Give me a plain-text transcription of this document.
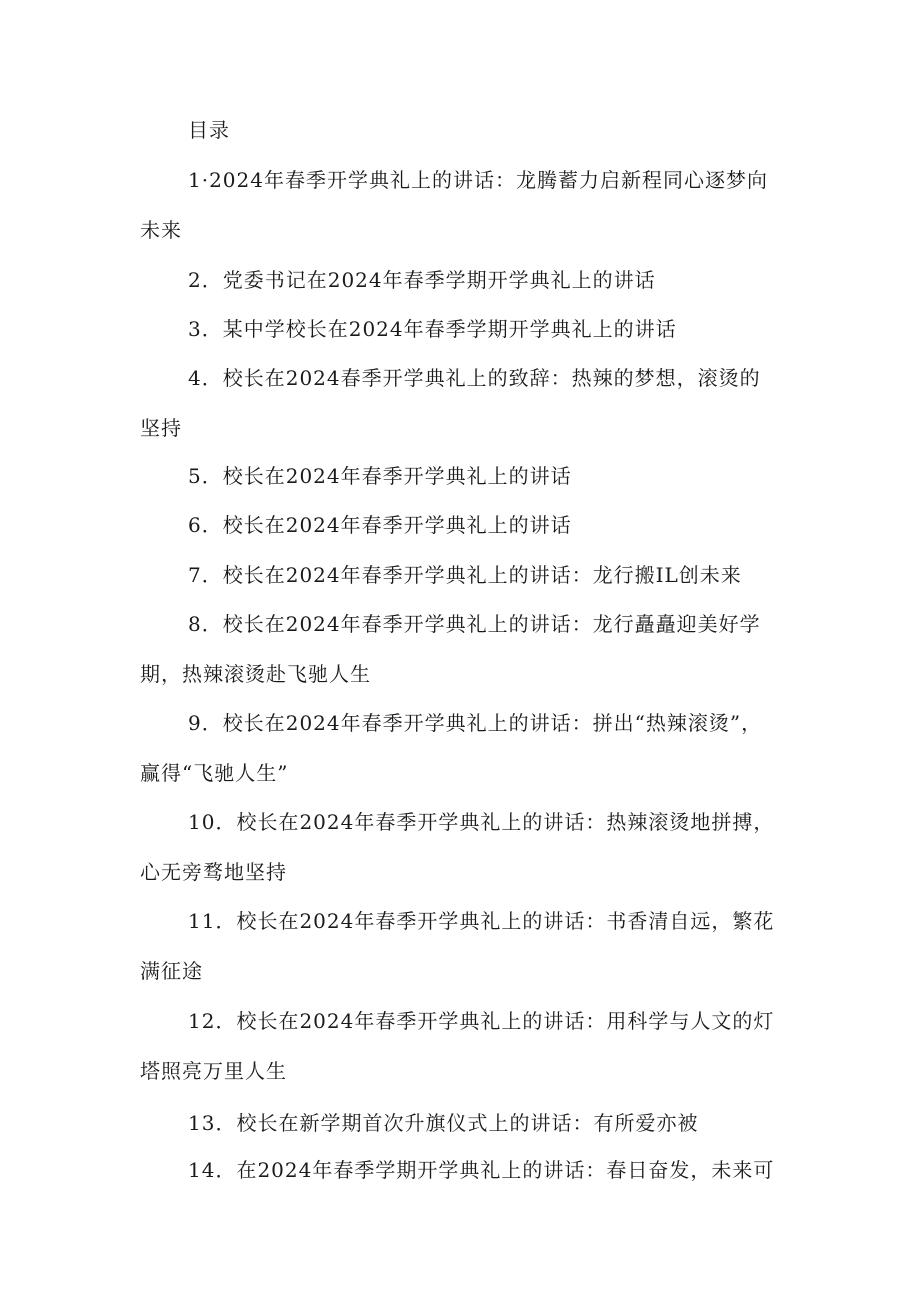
目录
1·2024年春季开学典礼上的讲话：龙腾蓄力启新程同心逐梦向
未来
2．党委书记在2024年春季学期开学典礼上的讲话
3．某中学校长在2024年春季学期开学典礼上的讲话
4．校长在2024春季开学典礼上的致辞：热辣的梦想，滚烫的
坚持
5．校长在2024年春季开学典礼上的讲话
6．校长在2024年春季开学典礼上的讲话
7．校长在2024年春季开学典礼上的讲话：龙行搬IL创未来
8．校长在2024年春季开学典礼上的讲话：龙行矗矗迎美好学
期，热辣滚烫赴飞驰人生
9．校长在2024年春季开学典礼上的讲话：拼出“热辣滚烫”，
赢得“飞驰人生”
10．校长在2024年春季开学典礼上的讲话：热辣滚烫地拼搏，
心无旁骛地坚持
11．校长在2024年春季开学典礼上的讲话：书香清自远，繁花
满征途
12．校长在2024年春季开学典礼上的讲话：用科学与人文的灯
塔照亮万里人生
13．校长在新学期首次升旗仪式上的讲话：有所爱亦被
14．在2024年春季学期开学典礼上的讲话：春日奋发，未来可
